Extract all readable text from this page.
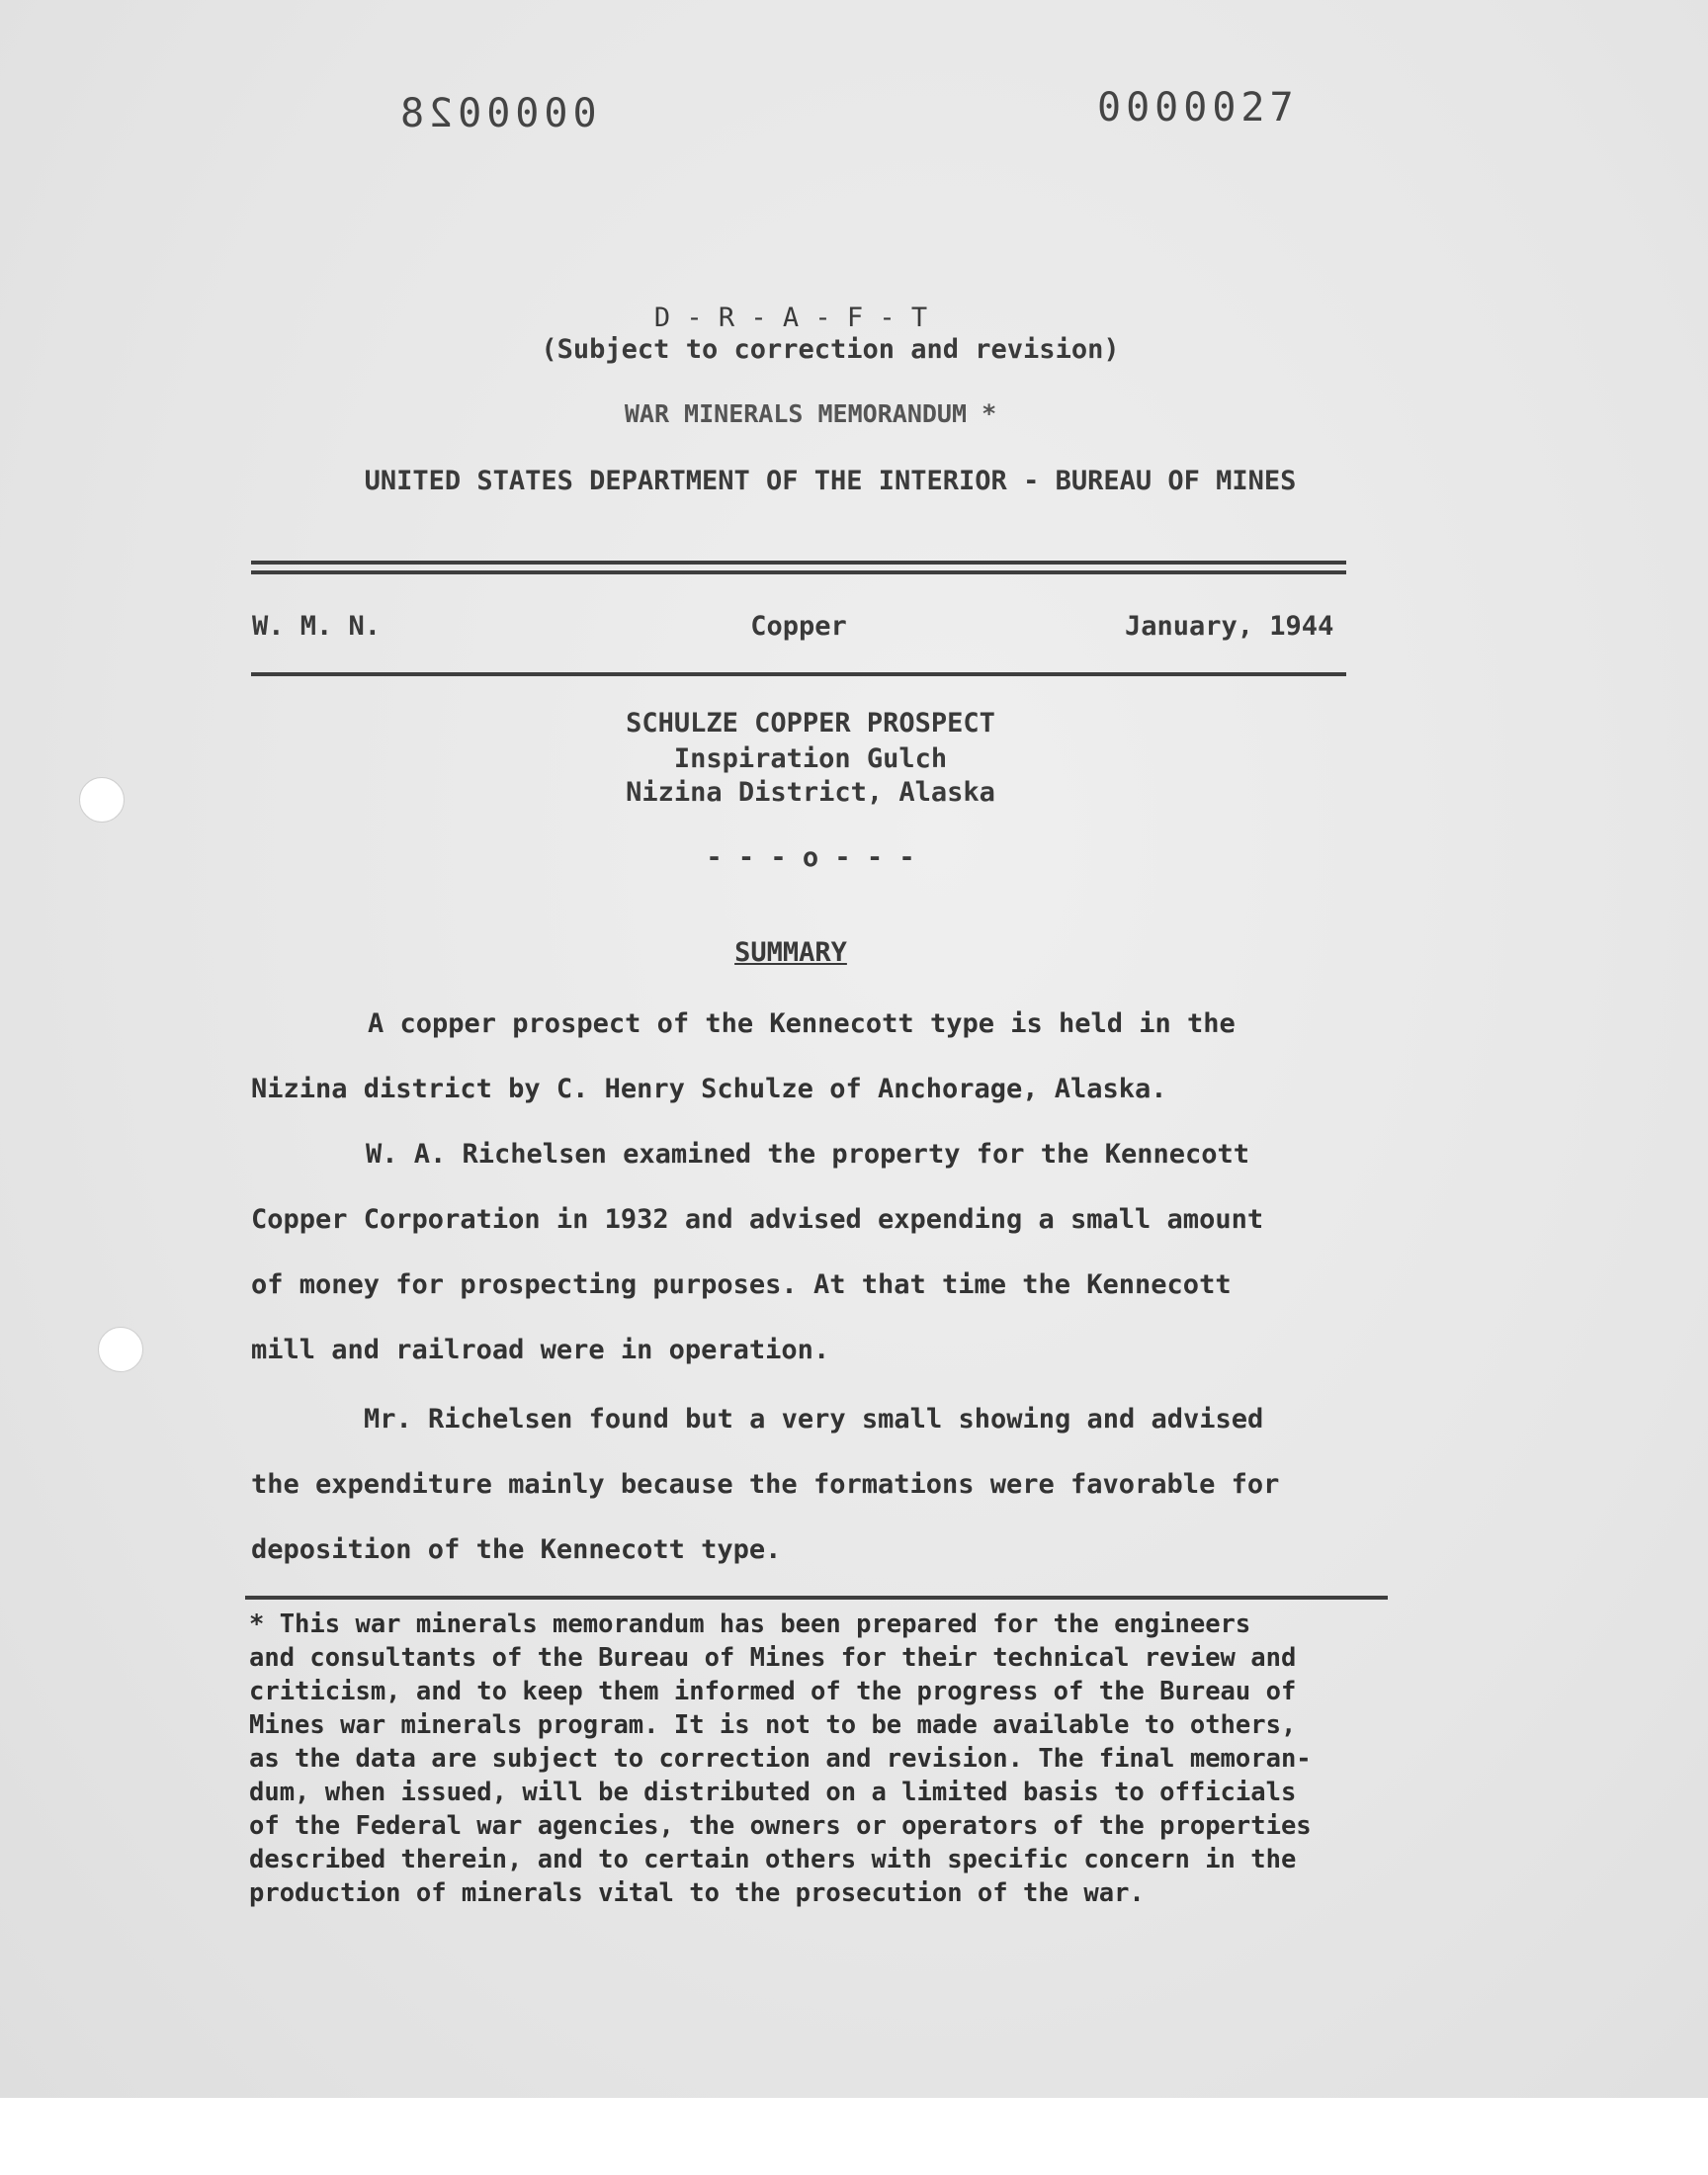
0000028	0000027
D - R - A - F - T
(Subject to correction and revision)
WAR MINERALS MEMORANDUM *
UNITED STATES DEPARTMENT OF THE INTERIOR - BUREAU OF MINES
W. M. N.	Copper	January, 1944
SCHULZE COPPER PROSPECT
Inspiration Gulch
Nizina District, Alaska
- - - o - - -
SUMMARY
A copper prospect of the Kennecott type is held in the
Nizina district by C. Henry Schulze of Anchorage, Alaska.
W. A. Richelsen examined the property for the Kennecott
Copper Corporation in 1932 and advised expending a small amount
of money for prospecting purposes. At that time the Kennecott
mill and railroad were in operation.
Mr. Richelsen found but a very small showing and advised
the expenditure mainly because the formations were favorable for
deposition of the Kennecott type.
* This war minerals memorandum has been prepared for the engineers
and consultants of the Bureau of Mines for their technical review and
criticism, and to keep them informed of the progress of the Bureau of
Mines war minerals program. It is not to be made available to others,
as the data are subject to correction and revision. The final memoran-
dum, when issued, will be distributed on a limited basis to officials
of the Federal war agencies, the owners or operators of the properties
described therein, and to certain others with specific concern in the
production of minerals vital to the prosecution of the war.
